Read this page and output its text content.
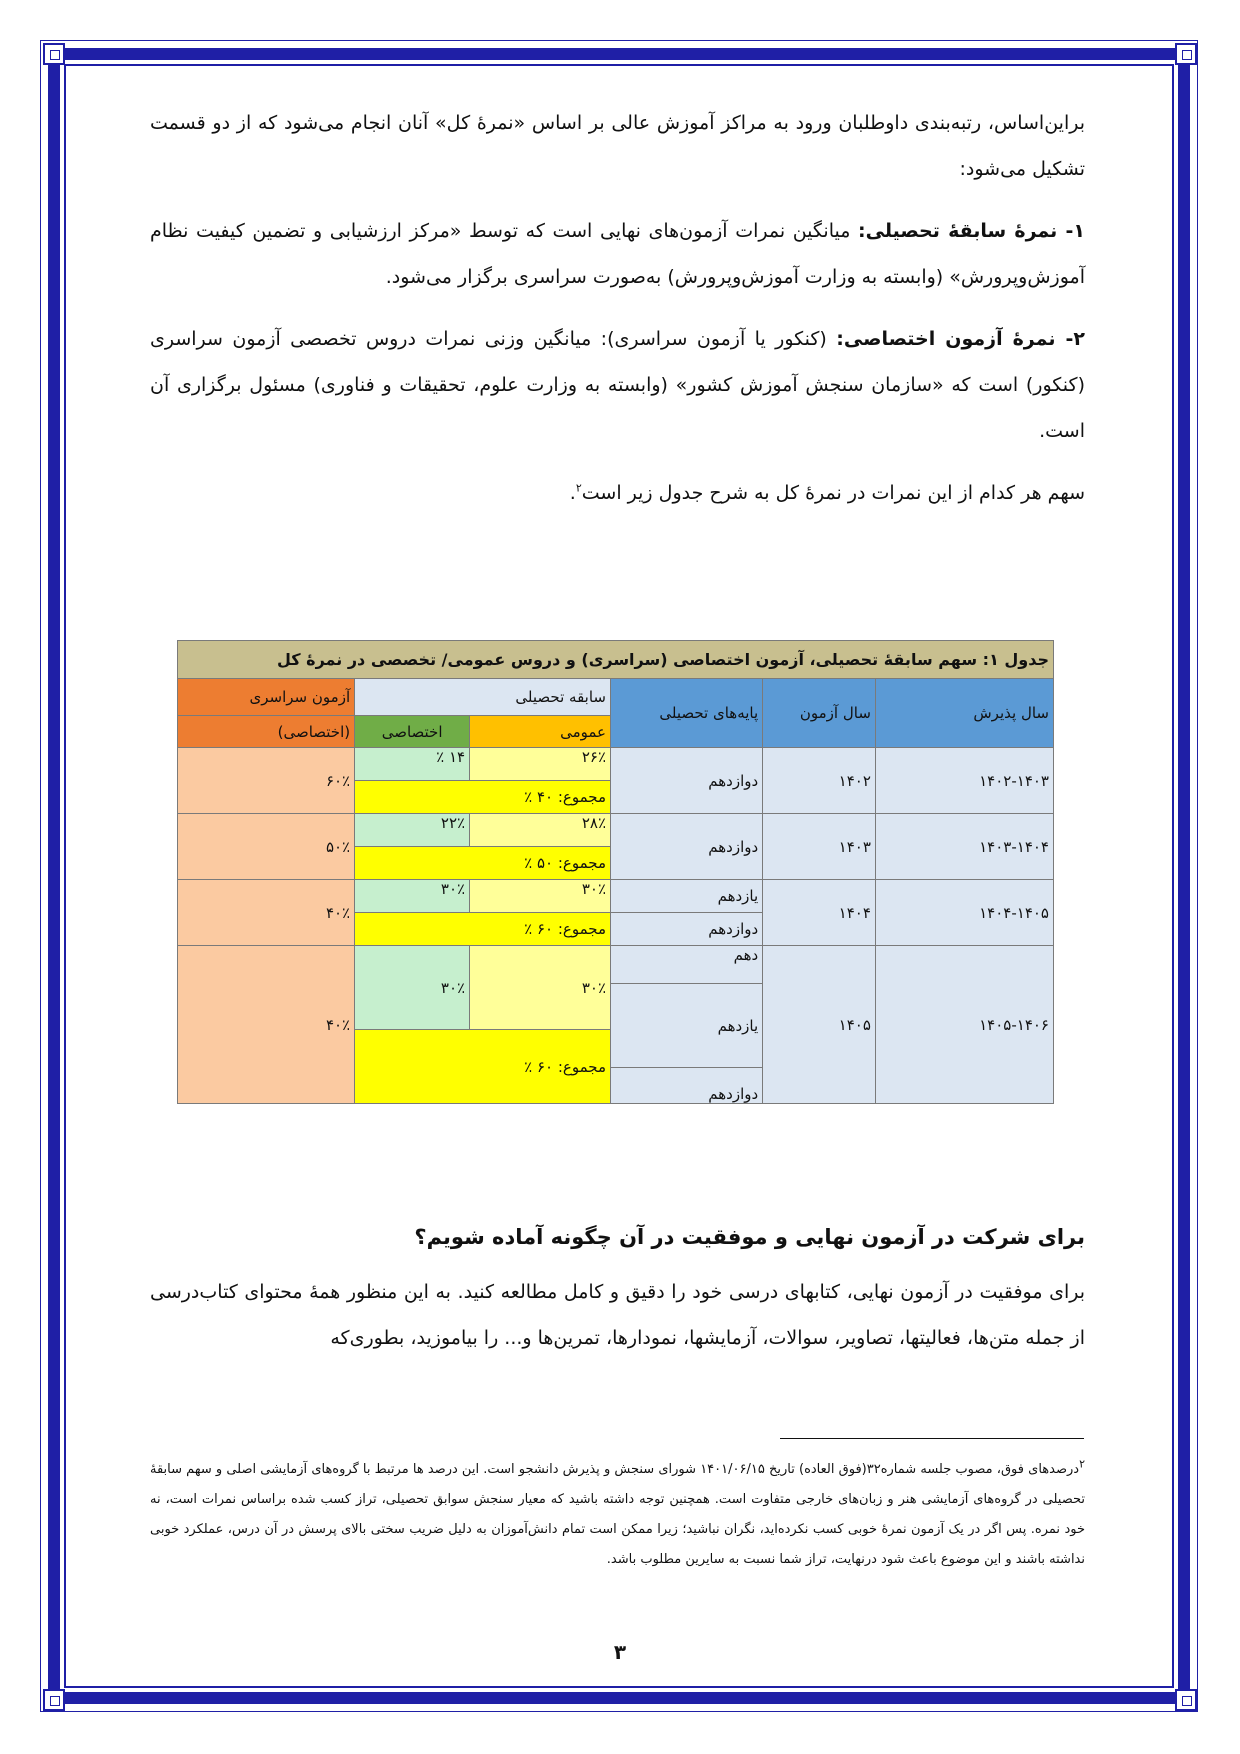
براین‌اساس، رتبه‌بندی داوطلبان ورود به مراکز آموزش عالی بر اساس «نمرهٔ کل» آنان انجام می‌شود که از دو قسمت تشکیل می‌شود:

۱- نمرهٔ سابقهٔ تحصیلی: میانگین نمرات آزمون‌های نهایی است که توسط «مرکز ارزشیابی و تضمین کیفیت نظام آموزش‌وپرورش» (وابسته به وزارت آموزش‌وپرورش) به‌صورت سراسری برگزار می‌شود.

۲- نمرهٔ آزمون اختصاصی: (کنکور یا آزمون سراسری): میانگین وزنی نمرات دروس تخصصی آزمون سراسری (کنکور) است که «سازمان سنجش آموزش کشور» (وابسته به وزارت علوم، تحقیقات و فناوری) مسئول برگزاری آن است.

سهم هر کدام از این نمرات در نمرهٔ کل به شرح جدول زیر است$^۲$.

جدول ۱: سهم سابقهٔ تحصیلی، آزمون اختصاصی (سراسری) و دروس عمومی/ تخصصی در نمرهٔ کل					
سال پذیرش	سال آزمون	پایه‌های تحصیلی	سابقه تحصیلی		آزمون سراسری
			عمومی	اختصاصی	(اختصاصی)
۱۴۰۲-۱۴۰۳	۱۴۰۲	دوازدهم	۲۶٪	۱۴ ٪	۶۰٪
			مجموع: ۴۰ ٪		
۱۴۰۳-۱۴۰۴	۱۴۰۳	دوازدهم	۲۸٪	۲۲٪	۵۰٪
			مجموع: ۵۰ ٪		
۱۴۰۴-۱۴۰۵	۱۴۰۴	یازدهم	۳۰٪	۳۰٪	۴۰٪
		دوازدهم	مجموع: ۶۰ ٪		
۱۴۰۵-۱۴۰۶	۱۴۰۵	دهم	۳۰٪	۳۰٪	۴۰٪
		یازدهم			

			مجموع: ۶۰ ٪		
		دوازدهم			

برای شرکت در آزمون نهایی و موفقیت در آن چگونه آماده شویم؟

برای موفقیت در آزمون نهایی، کتابهای درسی خود را دقیق و کامل مطالعه کنید. به این منظور همهٔ محتوای کتاب‌درسی از جمله متن‌ها، فعالیتها، تصاویر، سوالات، آزمایشها، نمودارها، تمرین‌ها و... را بیاموزید، بطوری‌که

$^۲$درصدهای فوق، مصوب جلسه شماره۳۲(فوق العاده) تاریخ ۱۴۰۱/۰۶/۱۵ شورای سنجش و پذیرش دانشجو است. این درصد ها مرتبط با گروه‌های آزمایشی اصلی و سهم سابقهٔ تحصیلی در گروه‌های آزمایشی هنر و زبان‌های خارجی متفاوت است. همچنین توجه داشته باشید که معیار سنجش سوابق تحصیلی، تراز کسب شده براساس نمرات است، نه خود نمره. پس اگر در یک آزمون نمرهٔ خوبی کسب نکرده‌اید، نگران نباشید؛ زیرا ممکن است تمام دانش‌آموزان به دلیل ضریب سختی بالای پرسش در آن درس، عملکرد خوبی نداشته باشند و این موضوع باعث شود درنهایت، تراز شما نسبت به سایرین مطلوب باشد.
۳
